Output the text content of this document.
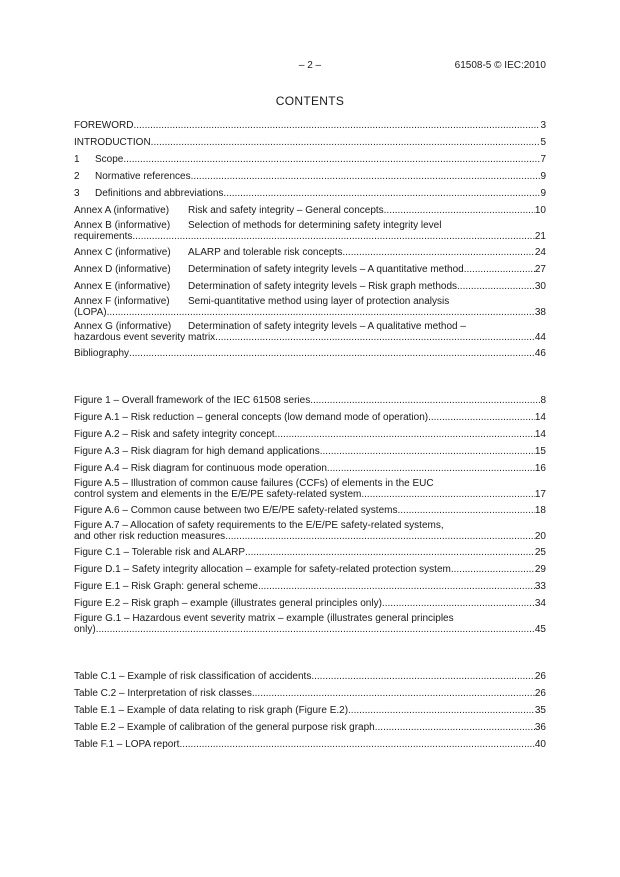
– 2 –	61508-5 © IEC:2010
CONTENTS
FOREWORD .....	3
INTRODUCTION .....	5
1 Scope .....	7
2 Normative references .....	9
3 Definitions and abbreviations .....	9
Annex A (informative) Risk and safety integrity – General concepts .....	10
Annex B (informative) Selection of methods for determining safety integrity level
requirements .....	21
Annex C (informative) ALARP and tolerable risk concepts .....	24
Annex D (informative) Determination of safety integrity levels – A quantitative method .....	27
Annex E (informative) Determination of safety integrity levels – Risk graph methods .....	30
Annex F (informative) Semi-quantitative method using layer of protection analysis
(LOPA) .....	38
Annex G (informative) Determination of safety integrity levels – A qualitative method –
hazardous event severity matrix .....	44
Bibliography .....	46
Figure 1 – Overall framework of the IEC 61508 series .....	8
Figure A.1 – Risk reduction – general concepts (low demand mode of operation) .....	14
Figure A.2 – Risk and safety integrity concept .....	14
Figure A.3 – Risk diagram for high demand applications .....	15
Figure A.4 – Risk diagram for continuous mode operation .....	16
Figure A.5 – Illustration of common cause failures (CCFs) of elements in the EUC
control system and elements in the E/E/PE safety-related system .....	17
Figure A.6 – Common cause between two E/E/PE safety-related systems .....	18
Figure A.7 – Allocation of safety requirements to the E/E/PE safety-related systems,
and other risk reduction measures .....	20
Figure C.1 – Tolerable risk and ALARP .....	25
Figure D.1 – Safety integrity allocation – example for safety-related protection system .....	29
Figure E.1 – Risk Graph: general scheme .....	33
Figure E.2 – Risk graph – example (illustrates general principles only) .....	34
Figure G.1 – Hazardous event severity matrix – example (illustrates general principles
only) .....	45
Table C.1 – Example of risk classification of accidents .....	26
Table C.2 – Interpretation of risk classes .....	26
Table E.1 – Example of data relating to risk graph (Figure E.2) .....	35
Table E.2 – Example of calibration of the general purpose risk graph .....	36
Table F.1 – LOPA report .....	40
